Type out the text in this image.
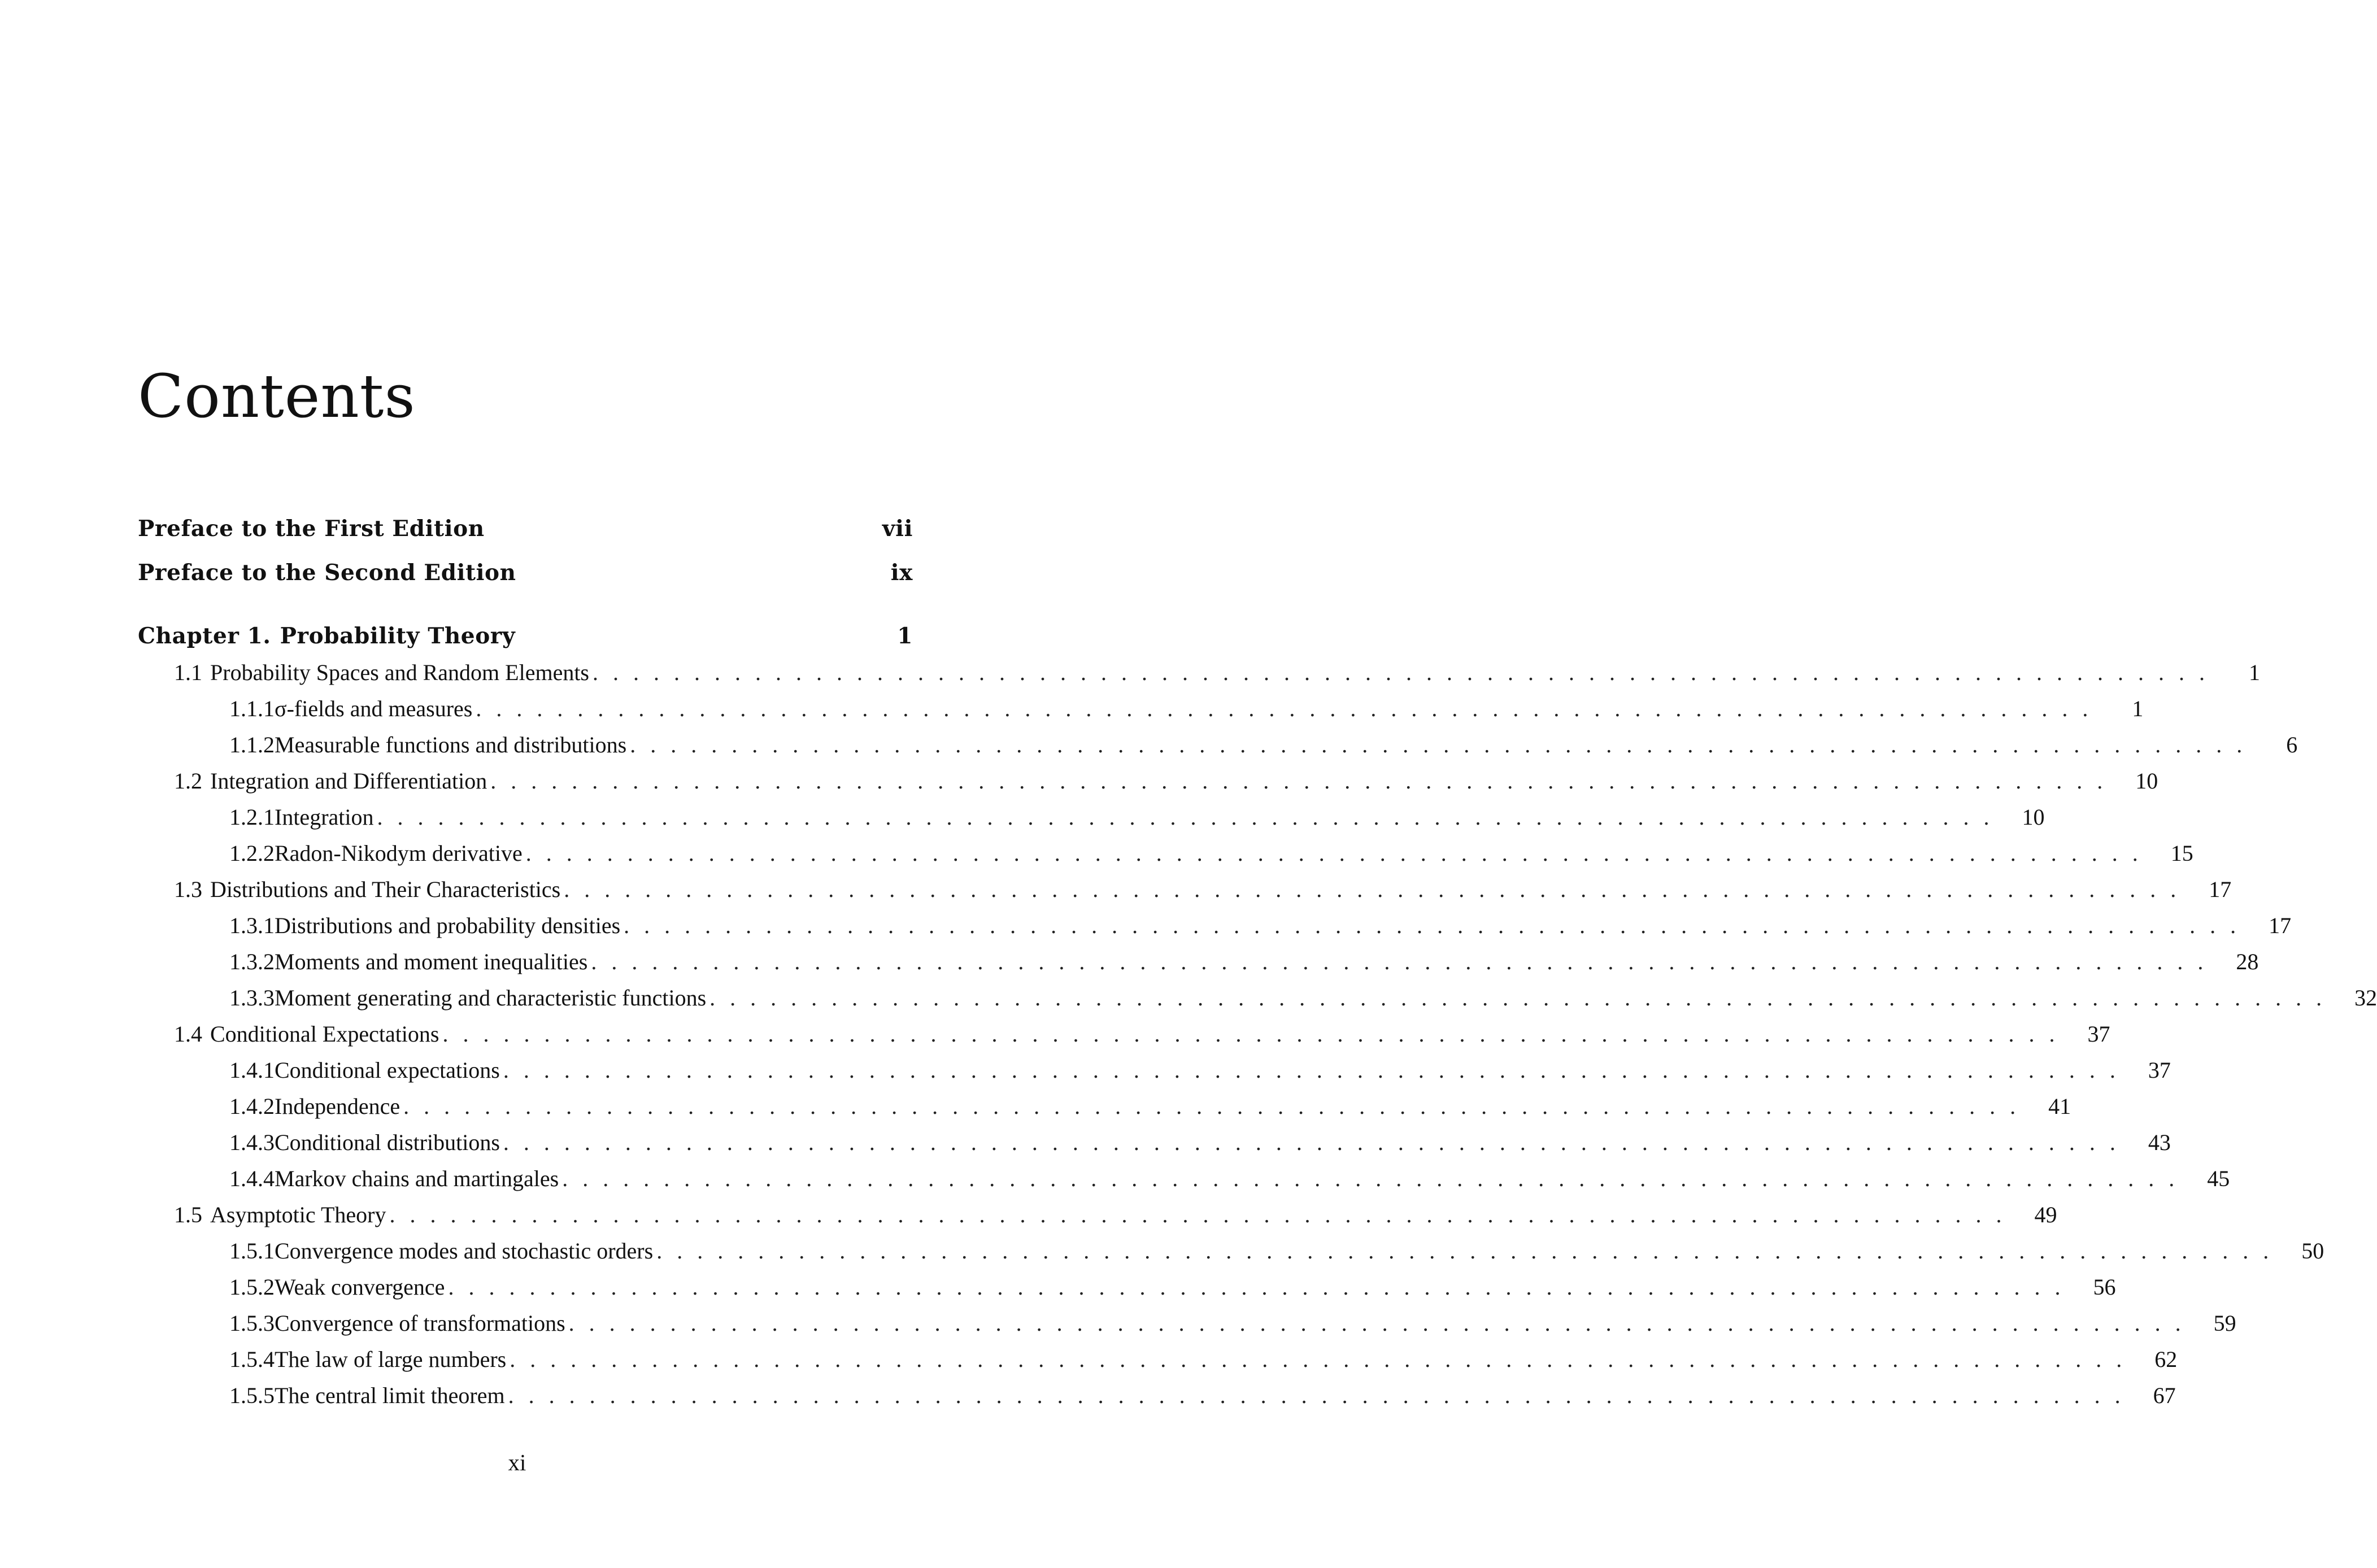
Contents
Preface to the First Edition	vii
Preface to the Second Edition	ix
Chapter 1. Probability Theory	1
1.1 Probability Spaces and Random Elements . . . . . . . . . . . . . . . . . . . . . . . . . . . . . . . . . . . . . . . . . . . . . . . . . . . . . . . . . . . . . . . . . . . . . . . . . . . . . . . .	1
1.1.1 σ-fields and measures . . . . . . . . . . . . . . . . . . . . . . . . . . . . . . . . . . . . . . . . . . . . . . . . . . . . . . . . . . . . . . . . . . . . . . . . . . . . . . . .	1
1.1.2 Measurable functions and distributions . . . . . . . . . . . . . . . . . . . . . . . . . . . . . . . . . . . . . . . . . . . . . . . . . . . . . . . . . . . . . . . . . . . . . . . . . . . . . . . .	6
1.2 Integration and Differentiation . . . . . . . . . . . . . . . . . . . . . . . . . . . . . . . . . . . . . . . . . . . . . . . . . . . . . . . . . . . . . . . . . . . . . . . . . . . . . . . .	10
1.2.1 Integration . . . . . . . . . . . . . . . . . . . . . . . . . . . . . . . . . . . . . . . . . . . . . . . . . . . . . . . . . . . . . . . . . . . . . . . . . . . . . . . .	10
1.2.2 Radon-Nikodym derivative . . . . . . . . . . . . . . . . . . . . . . . . . . . . . . . . . . . . . . . . . . . . . . . . . . . . . . . . . . . . . . . . . . . . . . . . . . . . . . . .	15
1.3 Distributions and Their Characteristics . . . . . . . . . . . . . . . . . . . . . . . . . . . . . . . . . . . . . . . . . . . . . . . . . . . . . . . . . . . . . . . . . . . . . . . . . . . . . . . .	17
1.3.1 Distributions and probability densities . . . . . . . . . . . . . . . . . . . . . . . . . . . . . . . . . . . . . . . . . . . . . . . . . . . . . . . . . . . . . . . . . . . . . . . . . . . . . . . .	17
1.3.2 Moments and moment inequalities . . . . . . . . . . . . . . . . . . . . . . . . . . . . . . . . . . . . . . . . . . . . . . . . . . . . . . . . . . . . . . . . . . . . . . . . . . . . . . . .	28
1.3.3 Moment generating and characteristic functions . . . . . . . . . . . . . . . . . . . . . . . . . . . . . . . . . . . . . . . . . . . . . . . . . . . . . . . . . . . . . . . . . . . . . . . . . . . . . . . .	32
1.4 Conditional Expectations . . . . . . . . . . . . . . . . . . . . . . . . . . . . . . . . . . . . . . . . . . . . . . . . . . . . . . . . . . . . . . . . . . . . . . . . . . . . . . . .	37
1.4.1 Conditional expectations . . . . . . . . . . . . . . . . . . . . . . . . . . . . . . . . . . . . . . . . . . . . . . . . . . . . . . . . . . . . . . . . . . . . . . . . . . . . . . . .	37
1.4.2 Independence . . . . . . . . . . . . . . . . . . . . . . . . . . . . . . . . . . . . . . . . . . . . . . . . . . . . . . . . . . . . . . . . . . . . . . . . . . . . . . . .	41
1.4.3 Conditional distributions . . . . . . . . . . . . . . . . . . . . . . . . . . . . . . . . . . . . . . . . . . . . . . . . . . . . . . . . . . . . . . . . . . . . . . . . . . . . . . . .	43
1.4.4 Markov chains and martingales . . . . . . . . . . . . . . . . . . . . . . . . . . . . . . . . . . . . . . . . . . . . . . . . . . . . . . . . . . . . . . . . . . . . . . . . . . . . . . . .	45
1.5 Asymptotic Theory . . . . . . . . . . . . . . . . . . . . . . . . . . . . . . . . . . . . . . . . . . . . . . . . . . . . . . . . . . . . . . . . . . . . . . . . . . . . . . . .	49
1.5.1 Convergence modes and stochastic orders . . . . . . . . . . . . . . . . . . . . . . . . . . . . . . . . . . . . . . . . . . . . . . . . . . . . . . . . . . . . . . . . . . . . . . . . . . . . . . . .	50
1.5.2 Weak convergence . . . . . . . . . . . . . . . . . . . . . . . . . . . . . . . . . . . . . . . . . . . . . . . . . . . . . . . . . . . . . . . . . . . . . . . . . . . . . . . .	56
1.5.3 Convergence of transformations . . . . . . . . . . . . . . . . . . . . . . . . . . . . . . . . . . . . . . . . . . . . . . . . . . . . . . . . . . . . . . . . . . . . . . . . . . . . . . . .	59
1.5.4 The law of large numbers . . . . . . . . . . . . . . . . . . . . . . . . . . . . . . . . . . . . . . . . . . . . . . . . . . . . . . . . . . . . . . . . . . . . . . . . . . . . . . . .	62
1.5.5 The central limit theorem . . . . . . . . . . . . . . . . . . . . . . . . . . . . . . . . . . . . . . . . . . . . . . . . . . . . . . . . . . . . . . . . . . . . . . . . . . . . . . . .	67
xi
